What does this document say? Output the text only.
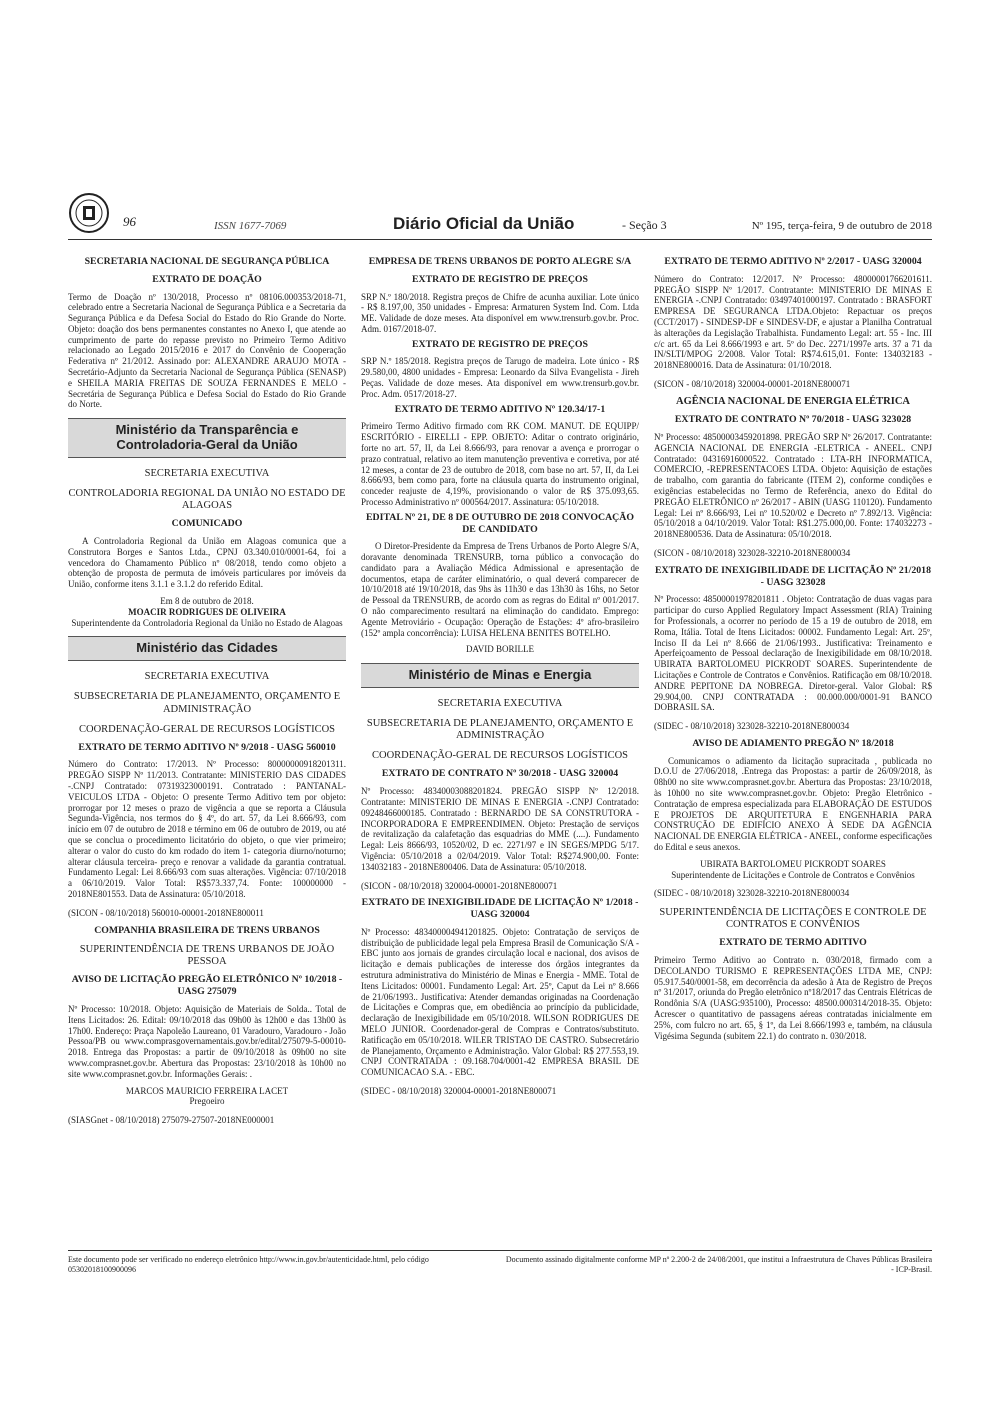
96	ISSN 1677-7069	Diário Oficial da União	- Seção 3	Nº 195, terça-feira, 9 de outubro de 2018
SECRETARIA NACIONAL DE SEGURANÇA PÚBLICA
EXTRATO DE DOAÇÃO
Termo de Doação nº 130/2018, Processo nº 08106.000353/2018-71, celebrado entre a Secretaria Nacional de Segurança Pública e a Secretaria da Segurança Pública e da Defesa Social do Estado do Rio Grande do Norte. Objeto: doação dos bens permanentes constantes no Anexo I, que atende ao cumprimento de parte do repasse previsto no Primeiro Termo Aditivo relacionado ao Legado 2015/2016 e 2017 do Convênio de Cooperação Federativa nº 21/2012. Assinado por: ALEXANDRE ARAUJO MOTA - Secretário-Adjunto da Secretaria Nacional de Segurança Pública (SENASP) e SHEILA MARIA FREITAS DE SOUZA FERNANDES E MELO - Secretária de Segurança Pública e Defesa Social do Estado do Rio Grande do Norte.
Ministério da Transparência e Controladoria-Geral da União
SECRETARIA EXECUTIVA
CONTROLADORIA REGIONAL DA UNIÃO NO ESTADO DE ALAGOAS
COMUNICADO
A Controladoria Regional da União em Alagoas comunica que a Construtora Borges e Santos Ltda., CPNJ 03.340.010/0001-64, foi a vencedora do Chamamento Público nº 08/2018, tendo como objeto a obtenção de proposta de permuta de imóveis particulares por imóveis da União, conforme itens 3.1.1 e 3.1.2 do referido Edital.
Em 8 de outubro de 2018.
MOACIR RODRIGUES DE OLIVEIRA
Superintendente da Controladoria Regional da União no Estado de Alagoas
Ministério das Cidades
SECRETARIA EXECUTIVA
SUBSECRETARIA DE PLANEJAMENTO, ORÇAMENTO E ADMINISTRAÇÃO
COORDENAÇÃO-GERAL DE RECURSOS LOGÍSTICOS
EXTRATO DE TERMO ADITIVO Nº 9/2018 - UASG 560010
Número do Contrato: 17/2013. Nº Processo: 80000000918201311. PREGÃO SISPP Nº 11/2013. Contratante: MINISTERIO DAS CIDADES -.CNPJ Contratado: 07319323000191. Contratado : PANTANAL-VEICULOS LTDA - Objeto: O presente Termo Aditivo tem por objeto: prorrogar por 12 meses o prazo de vigência a que se reporta a Cláusula Segunda-Vigência, nos termos do § 4º, do art. 57, da Lei 8.666/93, com início em 07 de outubro de 2018 e término em 06 de outubro de 2019, ou até que se conclua o procedimento licitatório do objeto, o que vier primeiro; alterar o valor do custo do km rodado do item 1- categoria diurno/noturno; alterar cláusula terceira- preço e renovar a validade da garantia contratual. Fundamento Legal: Lei 8.666/93 com suas alterações. Vigência: 07/10/2018 a 06/10/2019. Valor Total: R$573.337,74. Fonte: 100000000 - 2018NE801553. Data de Assinatura: 05/10/2018.
(SICON - 08/10/2018) 560010-00001-2018NE800011
COMPANHIA BRASILEIRA DE TRENS URBANOS
SUPERINTENDÊNCIA DE TRENS URBANOS DE JOÃO PESSOA
AVISO DE LICITAÇÃO PREGÃO ELETRÔNICO Nº 10/2018 - UASG 275079
Nº Processo: 10/2018. Objeto: Aquisição de Materiais de Solda.. Total de Itens Licitados: 26. Edital: 09/10/2018 das 09h00 às 12h00 e das 13h00 às 17h00. Endereço: Praça Napoleão Laureano, 01 Varadouro, Varadouro - João Pessoa/PB ou www.comprasgovernamentais.gov.br/edital/275079-5-00010-2018. Entrega das Propostas: a partir de 09/10/2018 às 09h00 no site www.comprasnet.gov.br. Abertura das Propostas: 23/10/2018 às 10h00 no site www.comprasnet.gov.br. Informações Gerais: .
MARCOS MAURICIO FERREIRA LACET
Pregoeiro
(SIASGnet - 08/10/2018) 275079-27507-2018NE000001
EMPRESA DE TRENS URBANOS DE PORTO ALEGRE S/A
EXTRATO DE REGISTRO DE PREÇOS
SRP N.º 180/2018. Registra preços de Chifre de acunha auxiliar. Lote único - R$ 8.197,00, 350 unidades - Empresa: Armaturen System Ind. Com. Ltda ME. Validade de doze meses. Ata disponível em www.trensurb.gov.br. Proc. Adm. 0167/2018-07.
EXTRATO DE REGISTRO DE PREÇOS
SRP N.º 185/2018. Registra preços de Tarugo de madeira. Lote único - R$ 29.580,00, 4800 unidades - Empresa: Leonardo da Silva Evangelista - Jireh Peças. Validade de doze meses. Ata disponível em www.trensurb.gov.br. Proc. Adm. 0517/2018-27.
EXTRATO DE TERMO ADITIVO Nº 120.34/17-1
Primeiro Termo Aditivo firmado com RK COM. MANUT. DE EQUIPP/ ESCRITÓRIO - EIRELLI - EPP. OBJETO: Aditar o contrato originário, forte no art. 57, II, da Lei 8.666/93, para renovar a avença e prorrogar o prazo contratual, relativo ao item manutenção preventiva e corretiva, por até 12 meses, a contar de 23 de outubro de 2018, com base no art. 57, II, da Lei 8.666/93, bem como para, forte na cláusula quarta do instrumento original, conceder reajuste de 4,19%, provisionando o valor de R$ 375.093,65. Processo Administrativo nº 000564/2017. Assinatura: 05/10/2018.
EDITAL Nº 21, DE 8 DE OUTUBRO DE 2018 CONVOCAÇÃO DE CANDIDATO
O Diretor-Presidente da Empresa de Trens Urbanos de Porto Alegre S/A, doravante denominada TRENSURB, torna público a convocação do candidato para a Avaliação Médica Admissional e apresentação de documentos, etapa de caráter eliminatório, o qual deverá comparecer de 10/10/2018 até 19/10/2018, das 9hs às 11h30 e das 13h30 às 16hs, no Setor de Pessoal da TRENSURB, de acordo com as regras do Edital nº 001/2017. O não comparecimento resultará na eliminação do candidato. Emprego: Agente Metroviário - Ocupação: Operação de Estações: 4º afro-brasileiro (152º ampla concorrência): LUISA HELENA BENITES BOTELHO.
DAVID BORILLE
Ministério de Minas e Energia
SECRETARIA EXECUTIVA
SUBSECRETARIA DE PLANEJAMENTO, ORÇAMENTO E ADMINISTRAÇÃO
COORDENAÇÃO-GERAL DE RECURSOS LOGÍSTICOS
EXTRATO DE CONTRATO Nº 30/2018 - UASG 320004
Nº Processo: 48340003088201824. PREGÃO SISPP Nº 12/2018. Contratante: MINISTERIO DE MINAS E ENERGIA -.CNPJ Contratado: 09248466000185. Contratado : BERNARDO DE SA CONSTRUTORA -INCORPORADORA E EMPREENDIMEN. Objeto: Prestação de serviços de revitalização da calafetação das esquadrias do MME (....). Fundamento Legal: Leis 8666/93, 10520/02, D ec. 2271/97 e IN SEGES/MPDG 5/17. Vigência: 05/10/2018 a 02/04/2019. Valor Total: R$274.900,00. Fonte: 134032183 - 2018NE800406. Data de Assinatura: 05/10/2018.
(SICON - 08/10/2018) 320004-00001-2018NE800071
EXTRATO DE INEXIGIBILIDADE DE LICITAÇÃO Nº 1/2018 - UASG 320004
Nº Processo: 48340000494120182​5. Objeto: Contratação de serviços de distribuição de publicidade legal pela Empresa Brasil de Comunicação S/A - EBC junto aos jornais de grandes circulação local e nacional, dos avisos de licitação e demais publicações de interesse dos órgãos integrantes da estrutura administrativa do Ministério de Minas e Energia - MME. Total de Itens Licitados: 00001. Fundamento Legal: Art. 25º, Caput da Lei nº 8.666 de 21/06/1993.. Justificativa: Atender demandas originadas na Coordenação de Licitações e Compras que, em obediência ao princípio da publicidade, declaração de Inexigibilidade em 05/10/2018. WILSON RODRIGUES DE MELO JUNIOR. Coordenador-geral de Compras e Contratos/substituto. Ratificação em 05/10/2018. WILER TRISTAO DE CASTRO. Subsecretário de Planejamento, Orçamento e Administração. Valor Global: R$ 277.553,19. CNPJ CONTRATADA : 09.168.704/0001-42 EMPRESA BRASIL DE COMUNICACAO S.A. - EBC.
(SIDEC - 08/10/2018) 320004-00001-2018NE800071
EXTRATO DE TERMO ADITIVO Nº 2/2017 - UASG 320004
Número do Contrato: 12/2017. Nº Processo: 48000001766201611. PREGÃO SISPP Nº 1/2017. Contratante: MINISTERIO DE MINAS E ENERGIA -.CNPJ Contratado: 03497401000197. Contratado : BRASFORT EMPRESA DE SEGURANCA LTDA.Objeto: Repactuar os preços (CCT/2017) - SINDESP-DF e SINDESV-DF, e ajustar a Planilha Contratual às alterações da Legislação Trabalhista. Fundamento Legal: art. 55 - Inc. III c/c art. 65 da Lei 8.666/1993 e art. 5º do Dec. 2271/1997e arts. 37 a 71 da IN/SLTI/MPOG 2/2008. Valor Total: R$74.615,01. Fonte: 134032183 - 2018NE800016. Data de Assinatura: 01/10/2018.
(SICON - 08/10/2018) 320004-00001-2018NE800071
AGÊNCIA NACIONAL DE ENERGIA ELÉTRICA
EXTRATO DE CONTRATO Nº 70/2018 - UASG 323028
Nº Processo: 48500003459201898. PREGÃO SRP Nº 26/2017. Contratante: AGENCIA NACIONAL DE ENERGIA -ELETRICA - ANEEL. CNPJ Contratado: 04316916000522. Contratado : LTA-RH INFORMATICA, COMERCIO, -REPRESENTACOES LTDA. Objeto: Aquisição de estações de trabalho, com garantia do fabricante (ITEM 2), conforme condições e exigências estabelecidas no Termo de Referência, anexo do Edital do PREGÃO ELETRÔNICO nº 26/2017 - ABIN (UASG 110120). Fundamento Legal: Lei nº 8.666/93, Lei nº 10.520/02 e Decreto nº 7.892/13. Vigência: 05/10/2018 a 04/10/2019. Valor Total: R$1.275.000,00. Fonte: 174032273 - 2018NE800536. Data de Assinatura: 05/10/2018.
(SICON - 08/10/2018) 323028-32210-2018NE800034
EXTRATO DE INEXIGIBILIDADE DE LICITAÇÃO Nº 21/2018 - UASG 323028
Nº Processo: 48500001978201811 . Objeto: Contratação de duas vagas para participar do curso Applied Regulatory Impact Assessment (RIA) Training for Professionals, a ocorrer no período de 15 a 19 de outubro de 2018, em Roma, Itália. Total de Itens Licitados: 00002. Fundamento Legal: Art. 25º, Inciso II da Lei nº 8.666 de 21/06/1993.. Justificativa: Treinamento e Aperfeiçoamento de Pessoal declaração de Inexigibilidade em 08/10/2018. UBIRATA BARTOLOMEU PICKRODT SOARES. Superintendente de Licitações e Controle de Contratos e Convênios. Ratificação em 08/10/2018. ANDRE PEPITONE DA NOBREGA. Diretor-geral. Valor Global: R$ 29.904,00. CNPJ CONTRATADA : 00.000.000/0001-91 BANCO DOBRASIL SA.
(SIDEC - 08/10/2018) 323028-32210-2018NE800034
AVISO DE ADIAMENTO PREGÃO Nº 18/2018
Comunicamos o adiamento da licitação supracitada , publicada no D.O.U de 27/06/2018, .Entrega das Propostas: a partir de 26/09/2018, às 08h00 no site www.comprasnet.gov.br. Abertura das Propostas: 23/10/2018, às 10h00 no site www.comprasnet.gov.br. Objeto: Pregão Eletrônico - Contratação de empresa especializada para ELABORAÇÃO DE ESTUDOS E PROJETOS DE ARQUITETURA E ENGENHARIA PARA CONSTRUÇÃO DE EDIFÍCIO ANEXO À SEDE DA AGÊNCIA NACIONAL DE ENERGIA ELÉTRICA - ANEEL, conforme especificações do Edital e seus anexos.
UBIRATA BARTOLOMEU PICKRODT SOARES
Superintendente de Licitações e Controle de Contratos e Convênios
(SIDEC - 08/10/2018) 323028-32210-2018NE800034
SUPERINTENDÊNCIA DE LICITAÇÕES E CONTROLE DE CONTRATOS E CONVÊNIOS
EXTRATO DE TERMO ADITIVO
Primeiro Termo Aditivo ao Contrato n. 030/2018, firmado com a DECOLANDO TURISMO E REPRESENTAÇÕES LTDA ME, CNPJ: 05.917.540/0001-58, em decorrência da adesão à Ata de Registro de Preços nº 31/2017, oriunda do Pregão eletrônico nº18/2017 das Centrais Elétricas de Rondônia S/A (UASG:935100), Processo: 48500.000314/2018-35. Objeto: Acrescer o quantitativo de passagens aéreas contratadas inicialmente em 25%, com fulcro no art. 65, § 1º, da Lei 8.666/1993 e, também, na cláusula Vigésima Segunda (subitem 22.1) do contrato n. 030/2018.
Este documento pode ser verificado no endereço eletrônico http://www.in.gov.br/autenticidade.html, pelo código 05302018100900096
Documento assinado digitalmente conforme MP nº 2.200-2 de 24/08/2001, que institui a Infraestrutura de Chaves Públicas Brasileira - ICP-Brasil.
